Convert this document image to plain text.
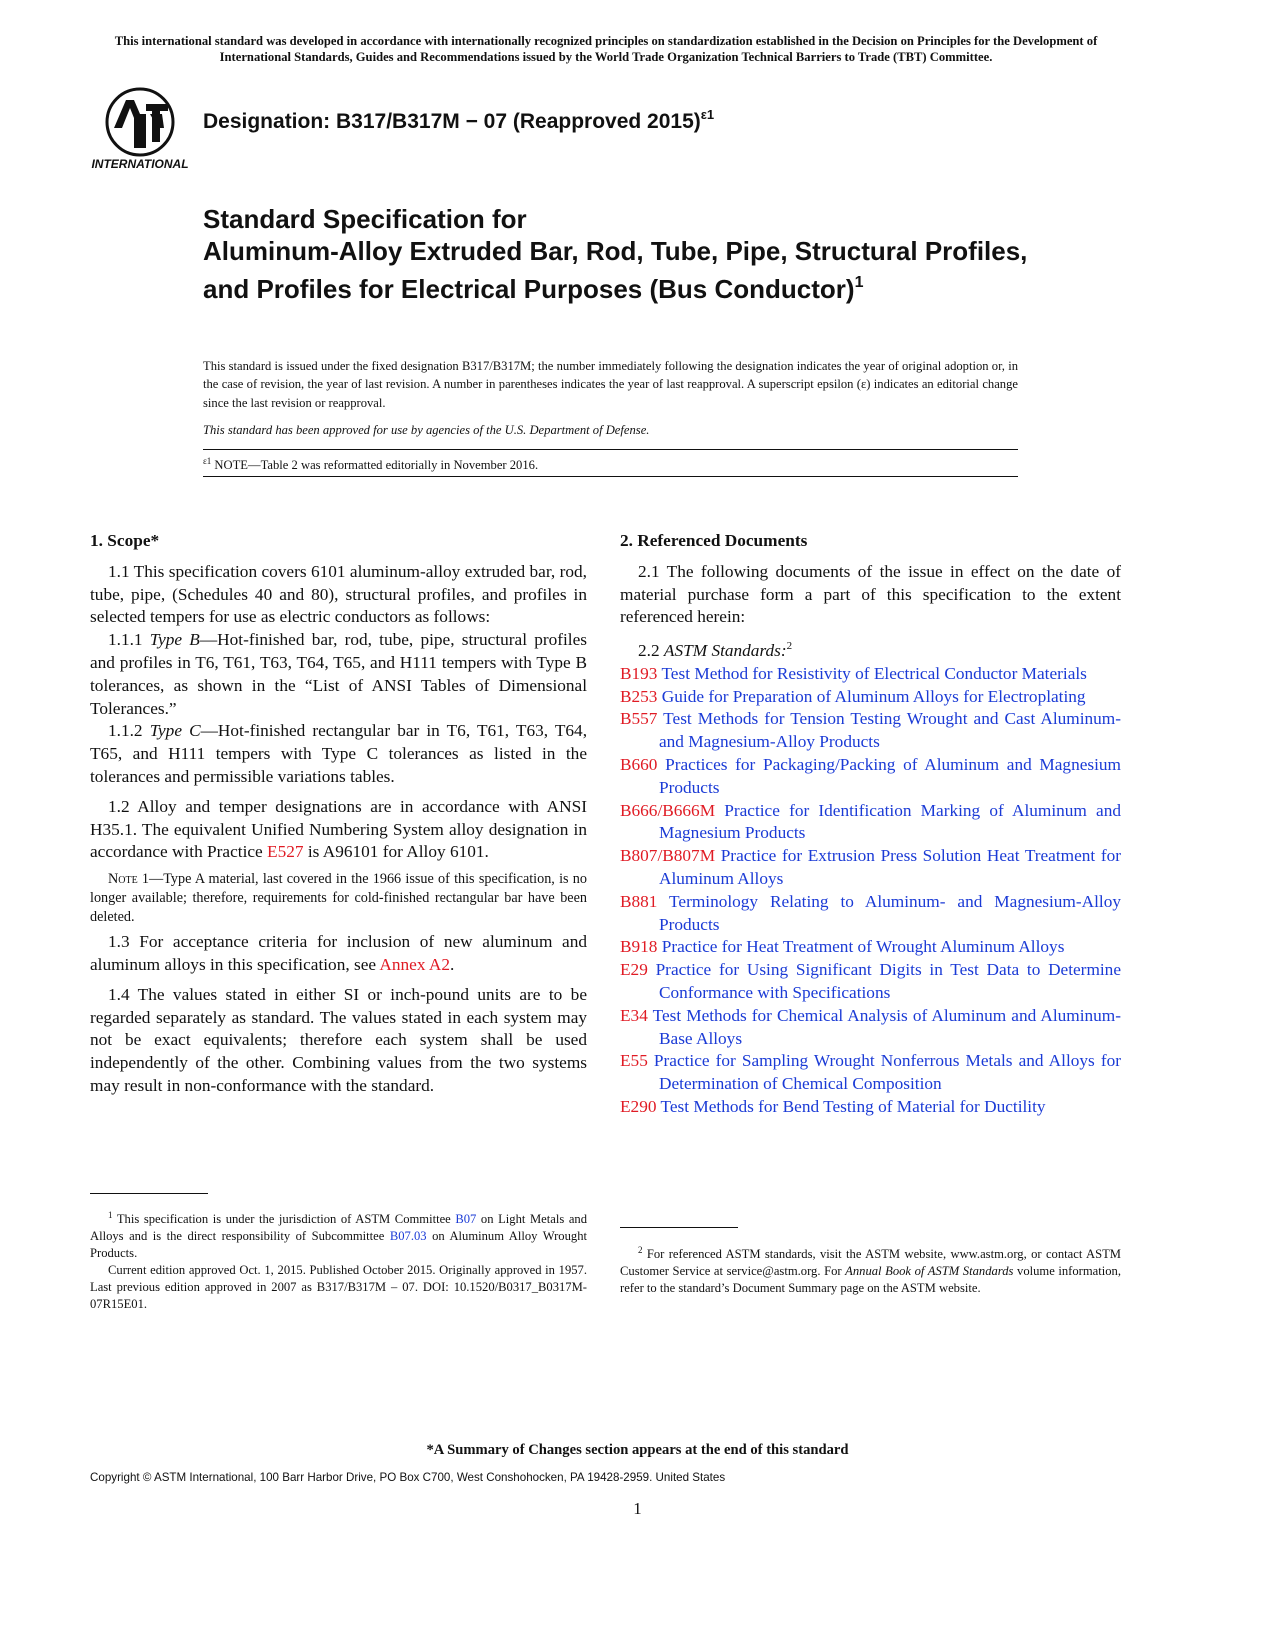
This international standard was developed in accordance with internationally recognized principles on standardization established in the Decision on Principles for the Development of International Standards, Guides and Recommendations issued by the World Trade Organization Technical Barriers to Trade (TBT) Committee.
INTERNATIONAL
Designation: B317/B317M − 07 (Reapproved 2015)$^{\varepsilon 1}$
Standard Specification for
Aluminum-Alloy Extruded Bar, Rod, Tube, Pipe, Structural Profiles, and Profiles for Electrical Purposes (Bus Conductor)$^1$
This standard is issued under the fixed designation B317/B317M; the number immediately following the designation indicates the year of original adoption or, in the case of revision, the year of last revision. A number in parentheses indicates the year of last reapproval. A superscript epsilon (ε) indicates an editorial change since the last revision or reapproval.
This standard has been approved for use by agencies of the U.S. Department of Defense.
$^{\varepsilon 1}$ NOTE—Table 2 was reformatted editorially in November 2016.

1. Scope*

1.1 This specification covers 6101 aluminum-alloy extruded bar, rod, tube, pipe, (Schedules 40 and 80), structural profiles, and profiles in selected tempers for use as electric conductors as follows:

1.1.1 Type B—Hot-finished bar, rod, tube, pipe, structural profiles and profiles in T6, T61, T63, T64, T65, and H111 tempers with Type B tolerances, as shown in the “List of ANSI Tables of Dimensional Tolerances.”

1.1.2 Type C—Hot-finished rectangular bar in T6, T61, T63, T64, T65, and H111 tempers with Type C tolerances as listed in the tolerances and permissible variations tables.

1.2 Alloy and temper designations are in accordance with ANSI H35.1. The equivalent Unified Numbering System alloy designation in accordance with Practice E527 is A96101 for Alloy 6101.

Note 1—Type A material, last covered in the 1966 issue of this specification, is no longer available; therefore, requirements for cold-finished rectangular bar have been deleted.

1.3 For acceptance criteria for inclusion of new aluminum and aluminum alloys in this specification, see Annex A2.

1.4 The values stated in either SI or inch-pound units are to be regarded separately as standard. The values stated in each system may not be exact equivalents; therefore each system shall be used independently of the other. Combining values from the two systems may result in non-conformance with the standard.

2. Referenced Documents

2.1 The following documents of the issue in effect on the date of material purchase form a part of this specification to the extent referenced herein:

2.2 ASTM Standards:$^2$

B193 Test Method for Resistivity of Electrical Conductor Materials

B253 Guide for Preparation of Aluminum Alloys for Electroplating

B557 Test Methods for Tension Testing Wrought and Cast Aluminum- and Magnesium-Alloy Products

B660 Practices for Packaging/Packing of Aluminum and Magnesium Products

B666/B666M Practice for Identification Marking of Aluminum and Magnesium Products

B807/B807M Practice for Extrusion Press Solution Heat Treatment for Aluminum Alloys

B881 Terminology Relating to Aluminum- and Magnesium-Alloy Products

B918 Practice for Heat Treatment of Wrought Aluminum Alloys

E29 Practice for Using Significant Digits in Test Data to Determine Conformance with Specifications

E34 Test Methods for Chemical Analysis of Aluminum and Aluminum-Base Alloys

E55 Practice for Sampling Wrought Nonferrous Metals and Alloys for Determination of Chemical Composition

E290 Test Methods for Bend Testing of Material for Ductility

$^1$ This specification is under the jurisdiction of ASTM Committee B07 on Light Metals and Alloys and is the direct responsibility of Subcommittee B07.03 on Aluminum Alloy Wrought Products.

Current edition approved Oct. 1, 2015. Published October 2015. Originally approved in 1957. Last previous edition approved in 2007 as B317/B317M – 07. DOI: 10.1520/B0317_B0317M-07R15E01.

$^2$ For referenced ASTM standards, visit the ASTM website, www.astm.org, or contact ASTM Customer Service at service@astm.org. For Annual Book of ASTM Standards volume information, refer to the standard’s Document Summary page on the ASTM website.

*A Summary of Changes section appears at the end of this standard
Copyright © ASTM International, 100 Barr Harbor Drive, PO Box C700, West Conshohocken, PA 19428-2959. United States
1
